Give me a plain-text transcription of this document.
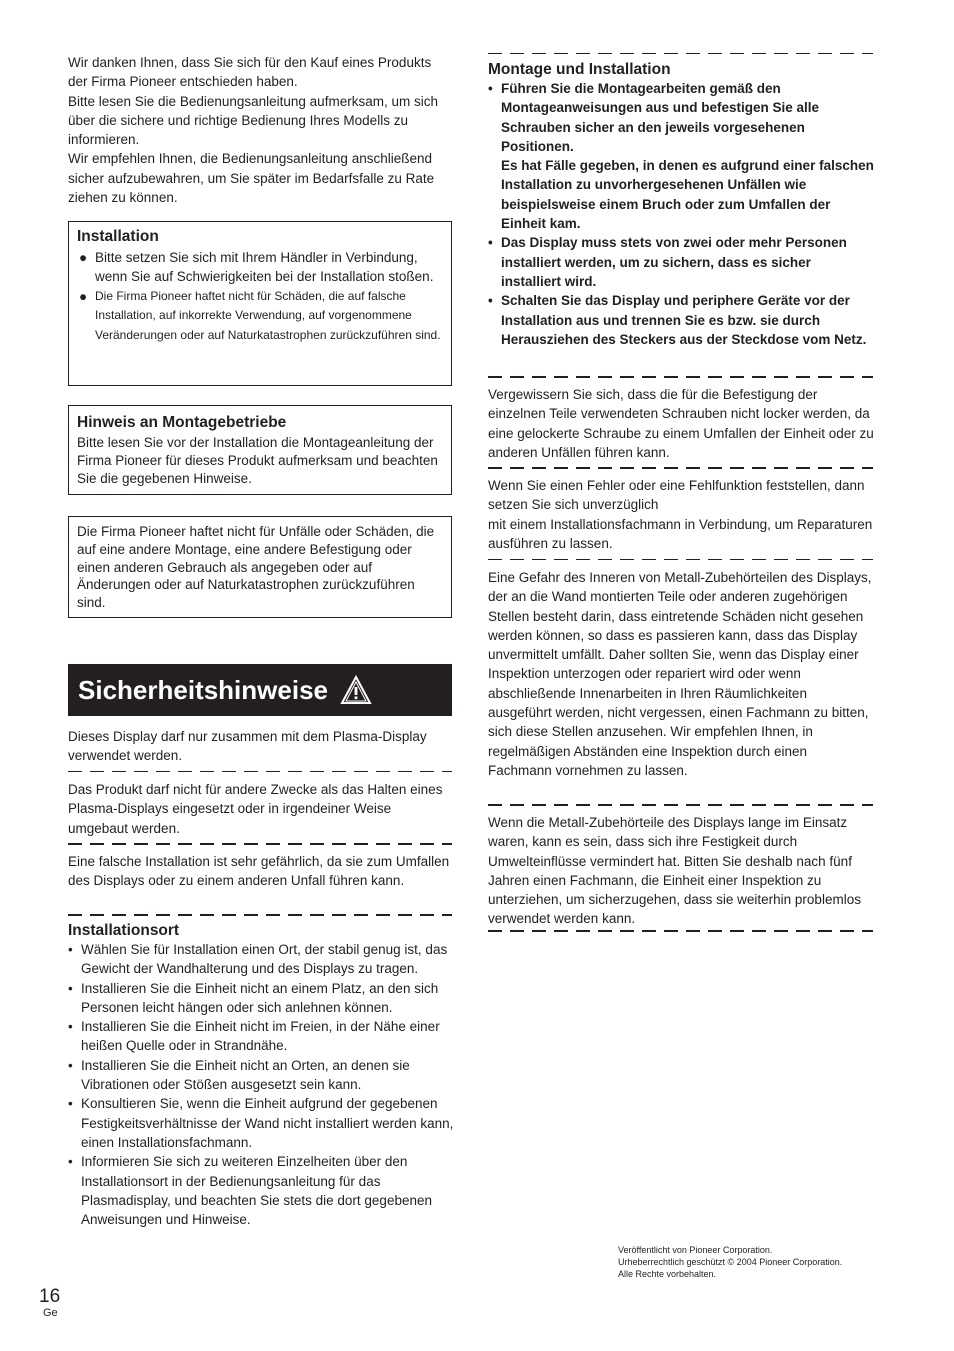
Wir danken Ihnen, dass Sie sich für den Kauf eines Produkts der Firma Pioneer entschieden haben.

Bitte lesen Sie die Bedienungsanleitung aufmerksam, um sich über die sichere und richtige Bedienung Ihres Modells zu informieren.

Wir empfehlen Ihnen, die Bedienungsanleitung anschließend sicher aufzubewahren, um Sie später im Bedarfsfalle zu Rate ziehen zu können.

Installation
● Bitte setzen Sie sich mit Ihrem Händler in Verbindung, wenn Sie auf Schwierigkeiten bei der Installation stoßen.
● Die Firma Pioneer haftet nicht für Schäden, die auf falsche Installation, auf inkorrekte Verwendung, auf vorgenommene Veränderungen oder auf Naturkatastrophen zurückzuführen sind.
Hinweis an Montagebetriebe

Bitte lesen Sie vor der Installation die Montageanleitung der Firma Pioneer für dieses Produkt aufmerksam und beachten Sie die gegebenen Hinweise.

Die Firma Pioneer haftet nicht für Unfälle oder Schäden, die auf eine andere Montage, eine andere Befestigung oder einen anderen Gebrauch als angegeben oder auf Änderungen oder auf Naturkatastrophen zurückzuführen sind.

Sicherheitshinweise

Dieses Display darf nur zusammen mit dem Plasma-Display verwendet werden.

Das Produkt darf nicht für andere Zwecke als das Halten eines Plasma-Displays eingesetzt oder in irgendeiner Weise umgebaut werden.

Eine falsche Installation ist sehr gefährlich, da sie zum Umfallen des Displays oder zu einem anderen Unfall führen kann.

Installationsort
• Wählen Sie für Installation einen Ort, der stabil genug ist, das Gewicht der Wandhalterung und des Displays zu tragen.
• Installieren Sie die Einheit nicht an einem Platz, an den sich Personen leicht hängen oder sich anlehnen können.
• Installieren Sie die Einheit nicht im Freien, in der Nähe einer heißen Quelle oder in Strandnähe.
• Installieren Sie die Einheit nicht an Orten, an denen sie Vibrationen oder Stößen ausgesetzt sein kann.
• Konsultieren Sie, wenn die Einheit aufgrund der gegebenen Festigkeitsverhältnisse der Wand nicht installiert werden kann, einen Installationsfachmann.
• Informieren Sie sich zu weiteren Einzelheiten über den Installationsort in der Bedienungsanleitung für das Plasmadisplay, und beachten Sie stets die dort gegebenen Anweisungen und Hinweise.
Montage und Installation
• Führen Sie die Montagearbeiten gemäß den Montageanweisungen aus und befestigen Sie alle Schrauben sicher an den jeweils vorgesehenen Positionen.
Es hat Fälle gegeben, in denen es aufgrund einer falschen Installation zu unvorhergesehenen Unfällen wie beispielsweise einem Bruch oder zum Umfallen der Einheit kam.
• Das Display muss stets von zwei oder mehr Personen installiert werden, um zu sichern, dass es sicher installiert wird.
• Schalten Sie das Display und periphere Geräte vor der Installation aus und trennen Sie es bzw. sie durch Herausziehen des Steckers aus der Steckdose vom Netz.

Vergewissern Sie sich, dass die für die Befestigung der einzelnen Teile verwendeten Schrauben nicht locker werden, da eine gelockerte Schraube zu einem Umfallen der Einheit oder zu anderen Unfällen führen kann.

Wenn Sie einen Fehler oder eine Fehlfunktion feststellen, dann setzen Sie sich unverzüglich

mit einem Installationsfachmann in Verbindung, um Reparaturen ausführen zu lassen.

Eine Gefahr des Inneren von Metall-Zubehörteilen des Displays, der an die Wand montierten Teile oder anderen zugehörigen Stellen besteht darin, dass eintretende Schäden nicht gesehen werden können, so dass es passieren kann, dass das Display unvermittelt umfällt. Daher sollten Sie, wenn das Display einer Inspektion unterzogen oder repariert wird oder wenn abschließende Innenarbeiten in Ihren Räumlichkeiten ausgeführt werden, nicht vergessen, einen Fachmann zu bitten, sich diese Stellen anzusehen. Wir empfehlen Ihnen, in regelmäßigen Abständen eine Inspektion durch einen Fachmann vornehmen zu lassen.

Wenn die Metall-Zubehörteile des Displays lange im Einsatz waren, kann es sein, dass sich ihre Festigkeit durch Umwelteinflüsse vermindert hat. Bitten Sie deshalb nach fünf Jahren einen Fachmann, die Einheit einer Inspektion zu unterziehen, um sicherzugehen, dass sie weiterhin problemlos verwendet werden kann.

Veröffentlicht von Pioneer Corporation.
Urheberrechtlich geschützt © 2004 Pioneer Corporation.
Alle Rechte vorbehalten.
16
Ge
